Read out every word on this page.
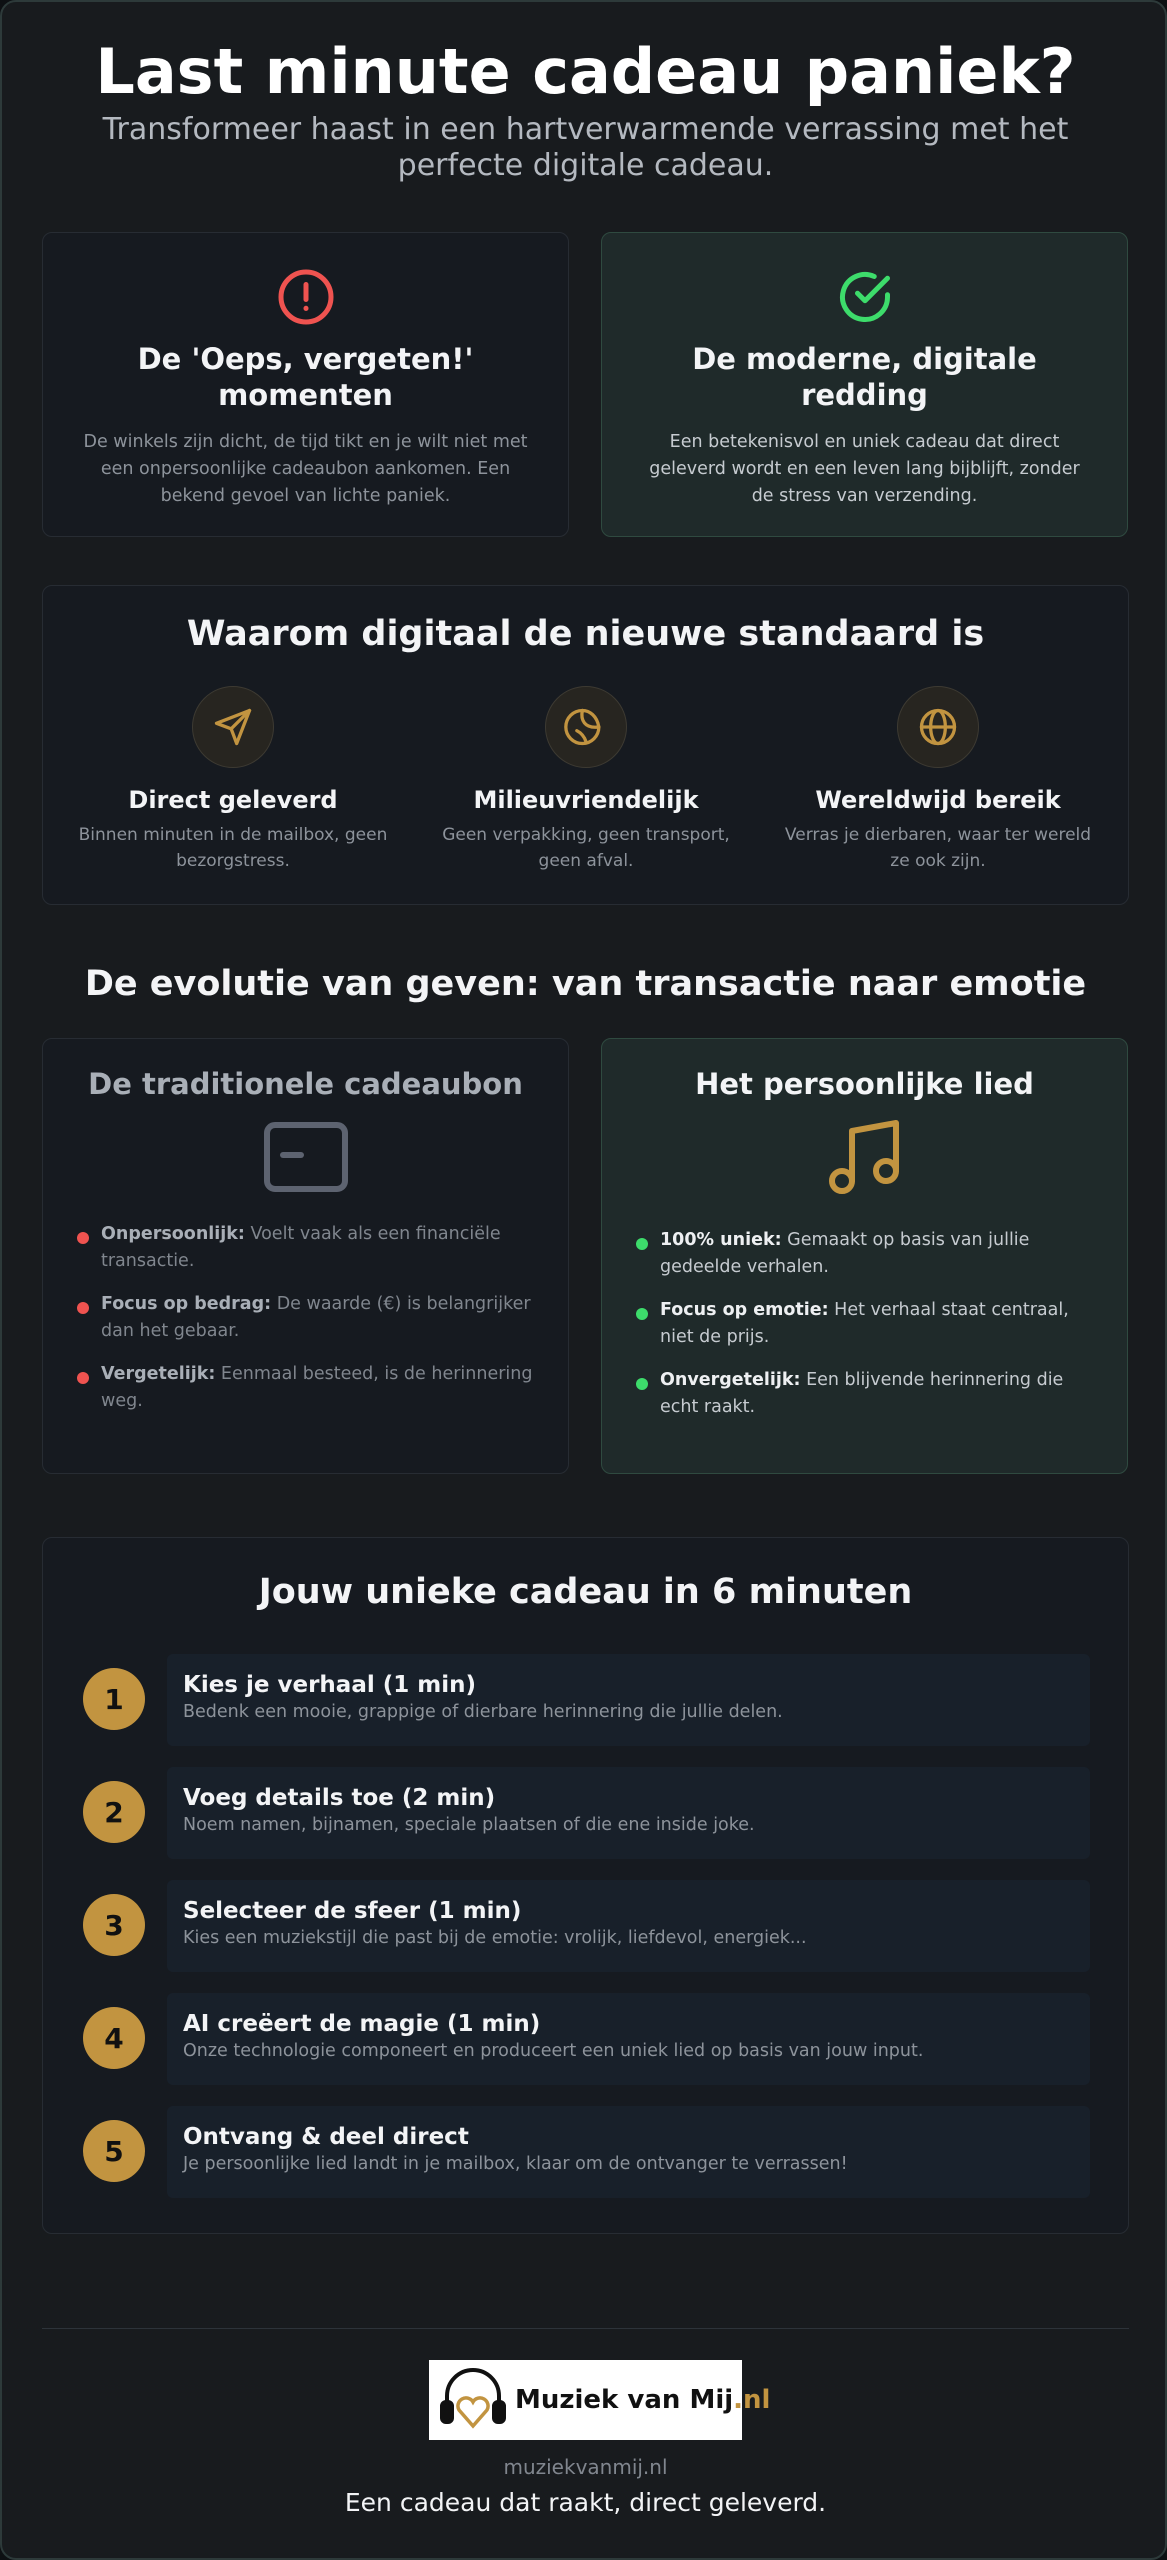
Last minute cadeau paniek?

Transformeer haast in een hartverwarmende verrassing met het perfecte digitale cadeau.

De 'Oeps, vergeten!' momenten
De winkels zijn dicht, de tijd tikt en je wilt niet met een onpersoonlijke cadeaubon aankomen. Een bekend gevoel van lichte paniek.
De moderne, digitale redding
Een betekenisvol en uniek cadeau dat direct geleverd wordt en een leven lang bijblijft, zonder de stress van verzending.
Waarom digitaal de nieuwe standaard is
Direct geleverd
Binnen minuten in de mailbox, geen bezorgstress.
Milieuvriendelijk
Geen verpakking, geen transport, geen afval.
Wereldwijd bereik
Verras je dierbaren, waar ter wereld ze ook zijn.
De evolutie van geven: van transactie naar emotie
De traditionele cadeaubon
Onpersoonlijk: Voelt vaak als een financiële transactie.
Focus op bedrag: De waarde (€) is belangrijker dan het gebaar.
Vergetelijk: Eenmaal besteed, is de herinnering weg.
Het persoonlijke lied
100% uniek: Gemaakt op basis van jullie gedeelde verhalen.
Focus op emotie: Het verhaal staat centraal, niet de prijs.
Onvergetelijk: Een blijvende herinnering die echt raakt.
Jouw unieke cadeau in 6 minuten
1	Kies je verhaal (1 min)
Bedenk een mooie, grappige of dierbare herinnering die jullie delen.
2	Voeg details toe (2 min)
Noem namen, bijnamen, speciale plaatsen of die ene inside joke.
3	Selecteer de sfeer (1 min)
Kies een muziekstijl die past bij de emotie: vrolijk, liefdevol, energiek...
4	AI creëert de magie (1 min)
Onze technologie componeert en produceert een uniek lied op basis van jouw input.
5	Ontvang & deel direct
Je persoonlijke lied landt in je mailbox, klaar om de ontvanger te verrassen!
Muziek van Mij.nl
muziekvanmij.nl
Een cadeau dat raakt, direct geleverd.
